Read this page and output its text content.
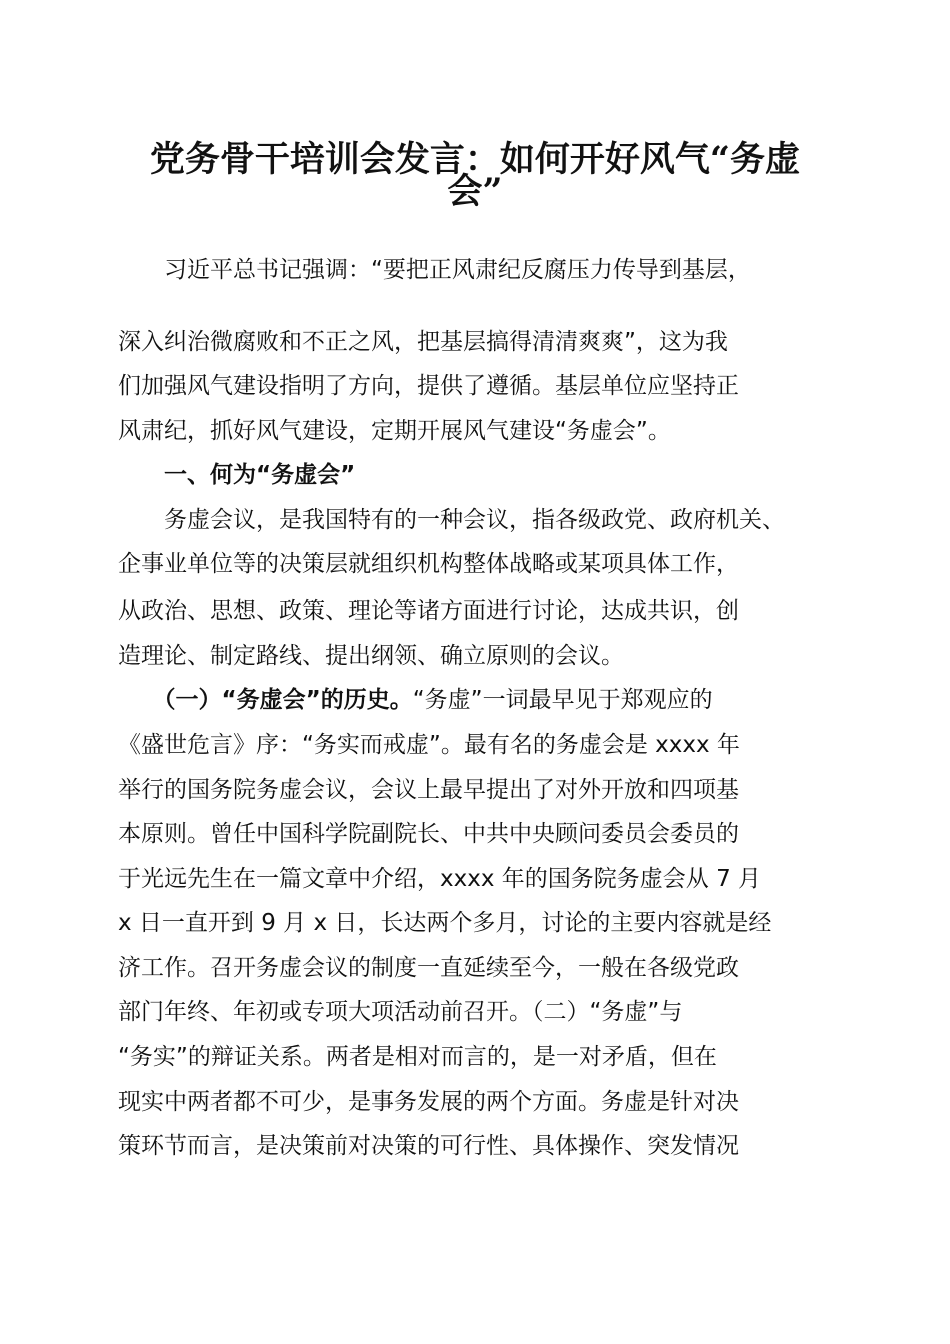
党务骨干培训会发言：如何开好风气“务虚
会”
　　习近平总书记强调：“要把正风肃纪反腐压力传导到基层，
深入纠治微腐败和不正之风，把基层搞得清清爽爽”，这为我
们加强风气建设指明了方向，提供了遵循。基层单位应坚持正
风肃纪，抓好风气建设，定期开展风气建设“务虚会”。
　　一、何为“务虚会”
　　务虚会议，是我国特有的一种会议，指各级政党、政府机关、
企事业单位等的决策层就组织机构整体战略或某项具体工作，
从政治、思想、政策、理论等诸方面进行讨论，达成共识，创
造理论、制定路线、提出纲领、确立原则的会议。
　　（一）“务虚会”的历史。“务虚”一词最早见于郑观应的
《盛世危言》序：“务实而戒虚”。最有名的务虚会是 xxxx 年
举行的国务院务虚会议，会议上最早提出了对外开放和四项基
本原则。曾任中国科学院副院长、中共中央顾问委员会委员的
于光远先生在一篇文章中介绍，xxxx 年的国务院务虚会从 7 月
x 日一直开到 9 月 x 日，长达两个多月，讨论的主要内容就是经
济工作。召开务虚会议的制度一直延续至今，一般在各级党政
部门年终、年初或专项大项活动前召开。（二）“务虚”与
“务实”的辩证关系。两者是相对而言的，是一对矛盾，但在
现实中两者都不可少，是事务发展的两个方面。务虚是针对决
策环节而言，是决策前对决策的可行性、具体操作、突发情况
